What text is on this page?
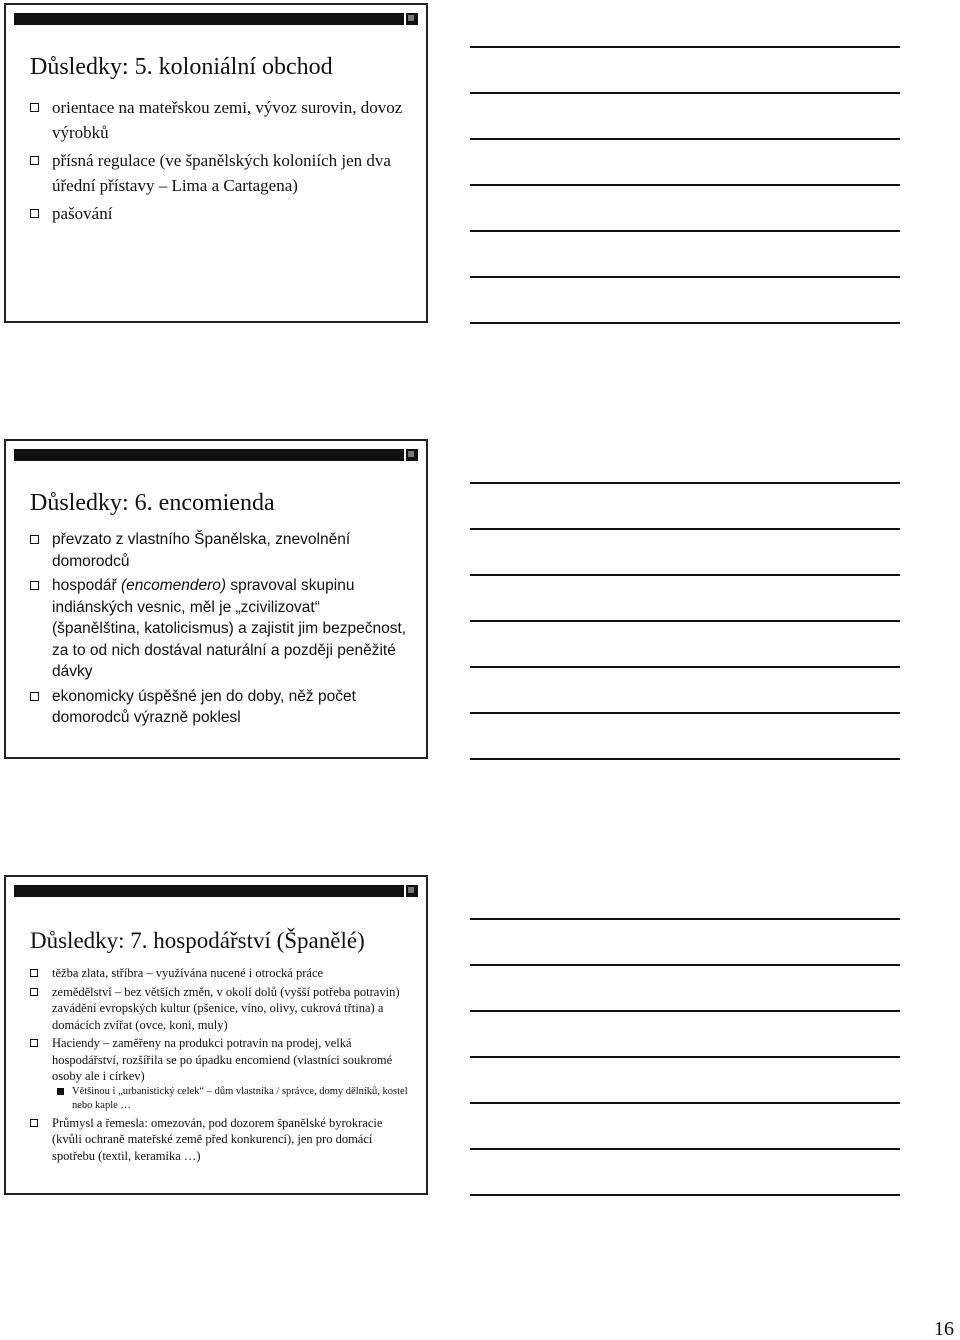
Důsledky: 5. koloniální obchod
orientace na mateřskou zemi, vývoz surovin, dovoz výrobků
přísná regulace (ve španělských koloniích jen dva úřední přístavy – Lima a Cartagena)
pašování
Důsledky: 6. encomienda
převzato z vlastního Španělska, znevolnění domorodců
hospodář (encomendero) spravoval skupinu indiánských vesnic, měl je „zcivilizovat“ (španělština, katolicismus) a zajistit jim bezpečnost, za to od nich dostával naturální a později peněžité dávky
ekonomicky úspěšné jen do doby, něž počet domorodců výrazně poklesl
Důsledky: 7. hospodářství (Španělé)
těžba zlata, stříbra – využívána nucené i otrocká práce
zemědělství – bez větších změn, v okolí dolů (vyšší potřeba potravin) zavádění evropských kultur (pšenice, víno, olivy, cukrová třtina) a domácích zvířat (ovce, koni, muly)
Haciendy – zaměřeny na produkci potravin na prodej, velká hospodářství, rozšířila se po úpadku encomiend (vlastníci soukromé osoby ale i církev)
Většinou i „urbanistický celek“ – dům vlastníka / správce, domy dělníků, kostel nebo kaple …
Průmysl a řemesla: omezován, pod dozorem španělské byrokracie (kvůli ochraně mateřské země před konkurencí), jen pro domácí spotřebu (textil, keramika …)
16
